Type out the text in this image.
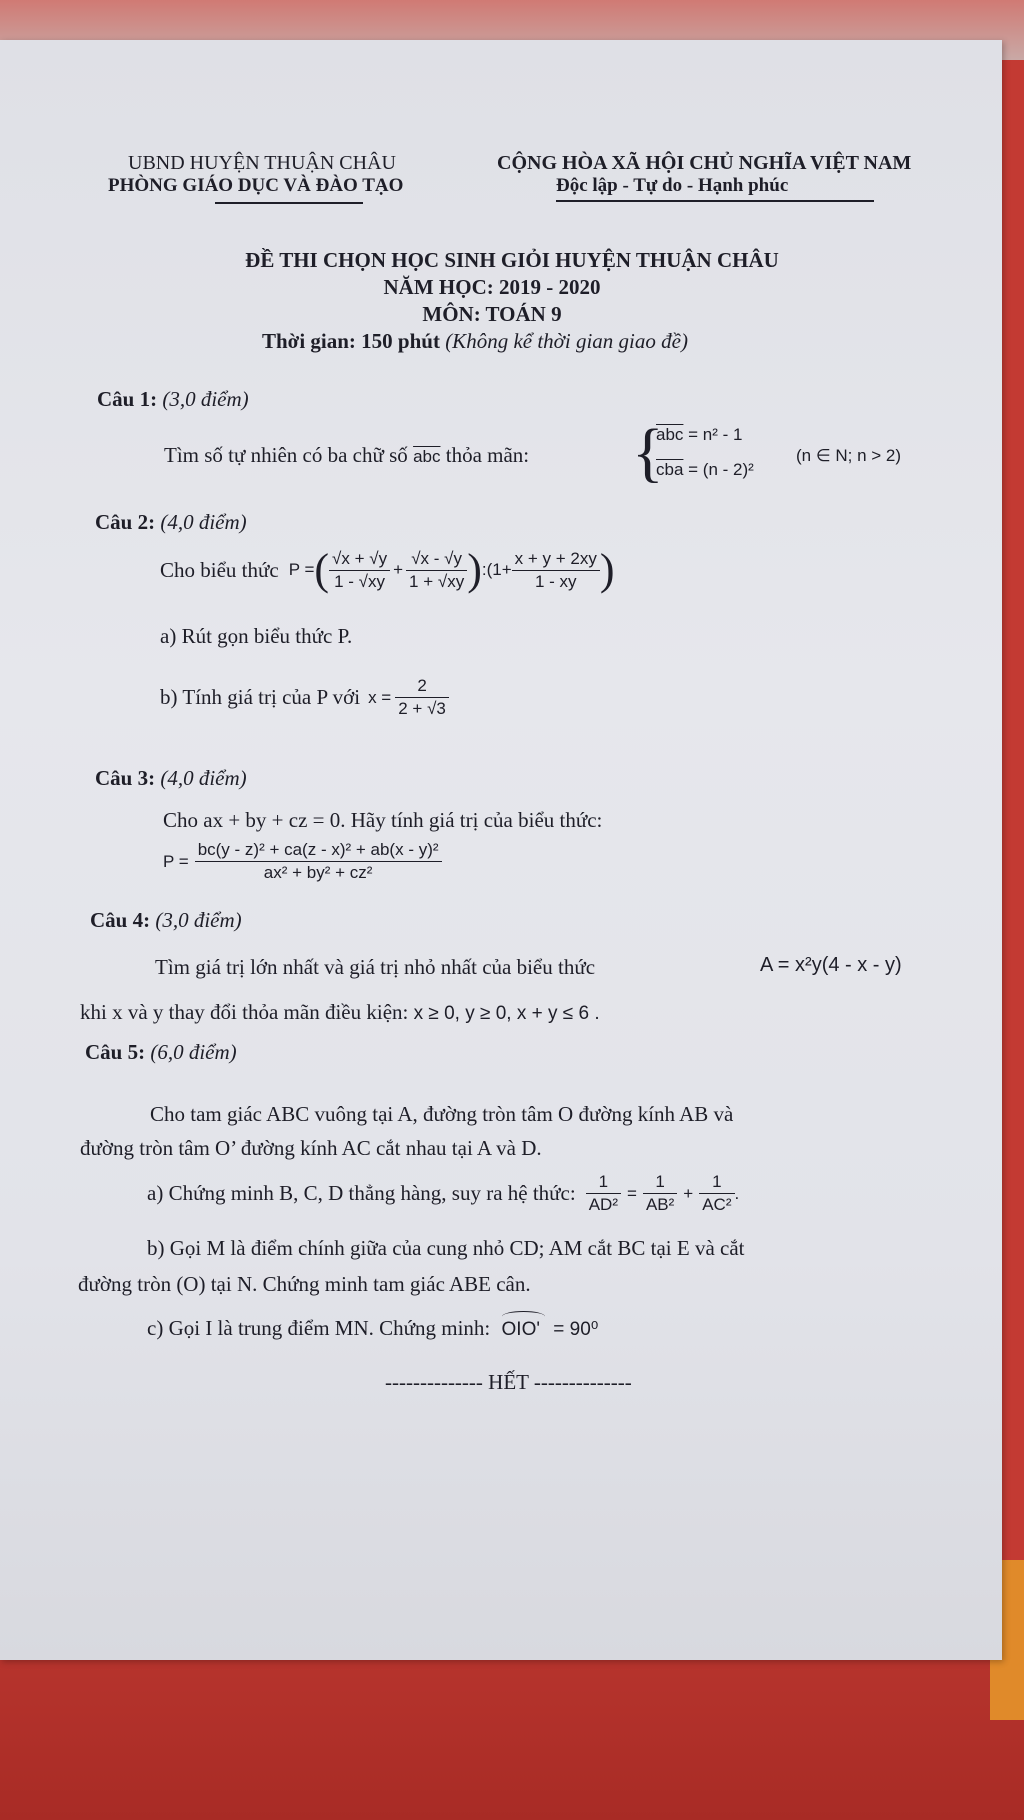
UBND HUYỆN THUẬN CHÂU
PHÒNG GIÁO DỤC VÀ ĐÀO TẠO
CỘNG HÒA XÃ HỘI CHỦ NGHĨA VIỆT NAM
Độc lập - Tự do - Hạnh phúc
ĐỀ THI CHỌN HỌC SINH GIỎI HUYỆN THUẬN CHÂU
NĂM HỌC: 2019 - 2020
MÔN: TOÁN 9
Thời gian: 150 phút (Không kể thời gian giao đề)
Câu 1: (3,0 điểm)
Tìm số tự nhiên có ba chữ số $\overline{abc}$ thỏa mãn: {
$\overline{abc} = n^2 - 1$
$\overline{cba} = (n - 2)^2$
(n ∈ N; n > 2)
Câu 2: (4,0 điểm)
Cho biểu thức P = ( $\frac{√x + √y}{1 - √xy} + \frac{√x - √y}{1 + √xy}$ ) :(1+ $\frac{x + y + 2xy}{1 - xy}$ )
a) Rút gọn biểu thức P.
b) Tính giá trị của P với $x = \frac{2}{2 + √3}$
Câu 3: (4,0 điểm)
Cho ax + by + cz = 0. Hãy tính giá trị của biểu thức:
$P = \frac{\text{bc(y - z)² + ca(z - x)² + ab(x - y)²}}{\text{ax² + by² + cz²}}$
Câu 4: (3,0 điểm)
Tìm giá trị lớn nhất và giá trị nhỏ nhất của biểu thức	A = x²y(4 - x - y)
khi x và y thay đổi thỏa mãn điều kiện: x ≥ 0, y ≥ 0, x + y ≤ 6 .
Câu 5: (6,0 điểm)
Cho tam giác ABC vuông tại A, đường tròn tâm O đường kính AB và
đường tròn tâm O’ đường kính AC cắt nhau tại A và D.
a) Chứng minh B, C, D thẳng hàng, suy ra hệ thức: $\frac{1}{\text{AD²}} = \frac{1}{\text{AB²}} + \frac{1}{\text{AC²}}$ .
b) Gọi M là điểm chính giữa của cung nhỏ CD; AM cắt BC tại E và cắt
đường tròn (O) tại N. Chứng minh tam giác ABE cân.
c) Gọi I là trung điểm MN. Chứng minh: OIO' = 90⁰
-------------- HẾT --------------
